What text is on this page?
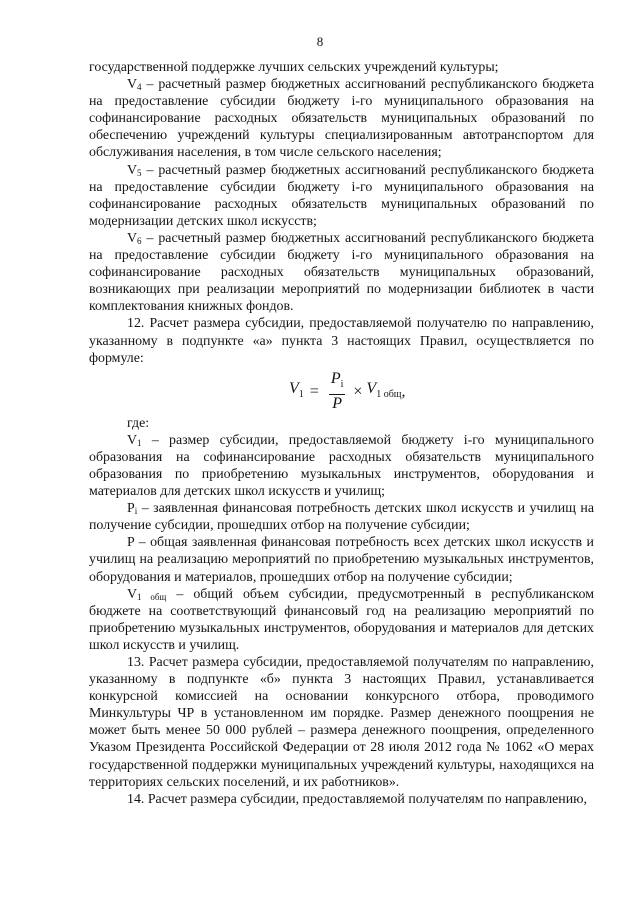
8

государственной поддержке лучших сельских учреждений культуры;

$V_4$ – расчетный размер бюджетных ассигнований республиканского бюджета на предоставление субсидии бюджету i-го муниципального образования на софинансирование расходных обязательств муниципальных образований по обеспечению учреждений культуры специализированным автотранспортом для обслуживания населения, в том числе сельского населения;

$V_5$ – расчетный размер бюджетных ассигнований республиканского бюджета на предоставление субсидии бюджету i-го муниципального образования на софинансирование расходных обязательств муниципальных образований по модернизации детских школ искусств;

$V_6$ – расчетный размер бюджетных ассигнований республиканского бюджета на предоставление субсидии бюджету i-го муниципального образования на софинансирование расходных обязательств муниципальных образований, возникающих при реализации мероприятий по модернизации библиотек в части комплектования книжных фондов.

12. Расчет размера субсидии, предоставляемой получателю по направлению, указанному в подпункте «а» пункта 3 настоящих Правил, осуществляется по формуле:

$V_1 = \frac{P_i}{P} \times V_{1 общ}$ ,

где:

$V_1$ – размер субсидии, предоставляемой бюджету i-го муниципального образования на софинансирование расходных обязательств муниципального образования по приобретению музыкальных инструментов, оборудования и материалов для детских школ искусств и училищ;

$P_i$ – заявленная финансовая потребность детских школ искусств и училищ на получение субсидии, прошедших отбор на получение субсидии;

P – общая заявленная финансовая потребность всех детских школ искусств и училищ на реализацию мероприятий по приобретению музыкальных инструментов, оборудования и материалов, прошедших отбор на получение субсидии;

$V_{1 общ}$ – общий объем субсидии, предусмотренный в республиканском бюджете на соответствующий финансовый год на реализацию мероприятий по приобретению музыкальных инструментов, оборудования и материалов для детских школ искусств и училищ.

13. Расчет размера субсидии, предоставляемой получателям по направлению, указанному в подпункте «б» пункта 3 настоящих Правил, устанавливается конкурсной комиссией на основании конкурсного отбора, проводимого Минкультуры ЧР в установленном им порядке. Размер денежного поощрения не может быть менее 50 000 рублей – размера денежного поощрения, определенного Указом Президента Российской Федерации от 28 июля 2012 года № 1062 «О мерах государственной поддержки муниципальных учреждений культуры, находящихся на территориях сельских поселений, и их работников».

14. Расчет размера субсидии, предоставляемой получателям по направлению,
